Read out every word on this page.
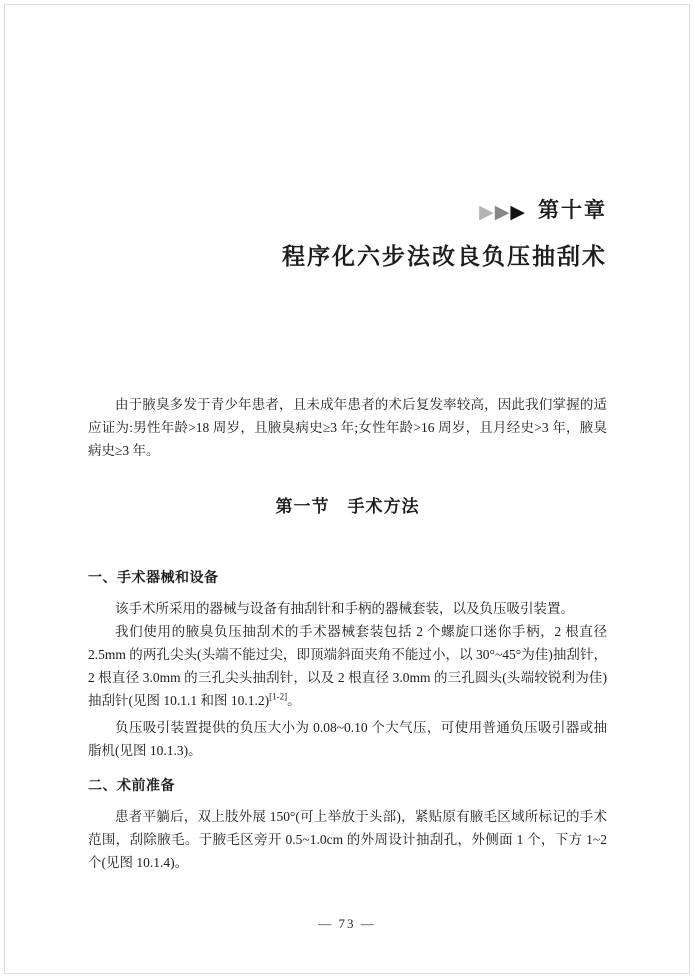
▶ ▶ ▶ 第十章
程序化六步法改良负压抽刮术

由于腋臭多发于青少年患者，且未成年患者的术后复发率较高，因此我们掌握的适应证为:男性年龄>18 周岁，且腋臭病史≥3 年;女性年龄>16 周岁，且月经史>3 年，腋臭病史≥3 年。

第一节　手术方法
一、手术器械和设备

该手术所采用的器械与设备有抽刮针和手柄的器械套装，以及负压吸引装置。

我们使用的腋臭负压抽刮术的手术器械套装包括 2 个螺旋口迷你手柄，2 根直径 2.5mm 的两孔尖头(头端不能过尖，即顶端斜面夹角不能过小，以 30°~45°为佳)抽刮针，2 根直径 3.0mm 的三孔尖头抽刮针，以及 2 根直径 3.0mm 的三孔圆头(头端较锐利为佳)抽刮针(见图 10.1.1 和图 10.1.2)[1-2]。

负压吸引装置提供的负压大小为 0.08~0.10 个大气压，可使用普通负压吸引器或抽脂机(见图 10.1.3)。

二、术前准备

患者平躺后，双上肢外展 150°(可上举放于头部)，紧贴原有腋毛区域所标记的手术范围，刮除腋毛。于腋毛区旁开 0.5~1.0cm 的外周设计抽刮孔，外侧面 1 个，下方 1~2 个(见图 10.1.4)。

— 73 —
